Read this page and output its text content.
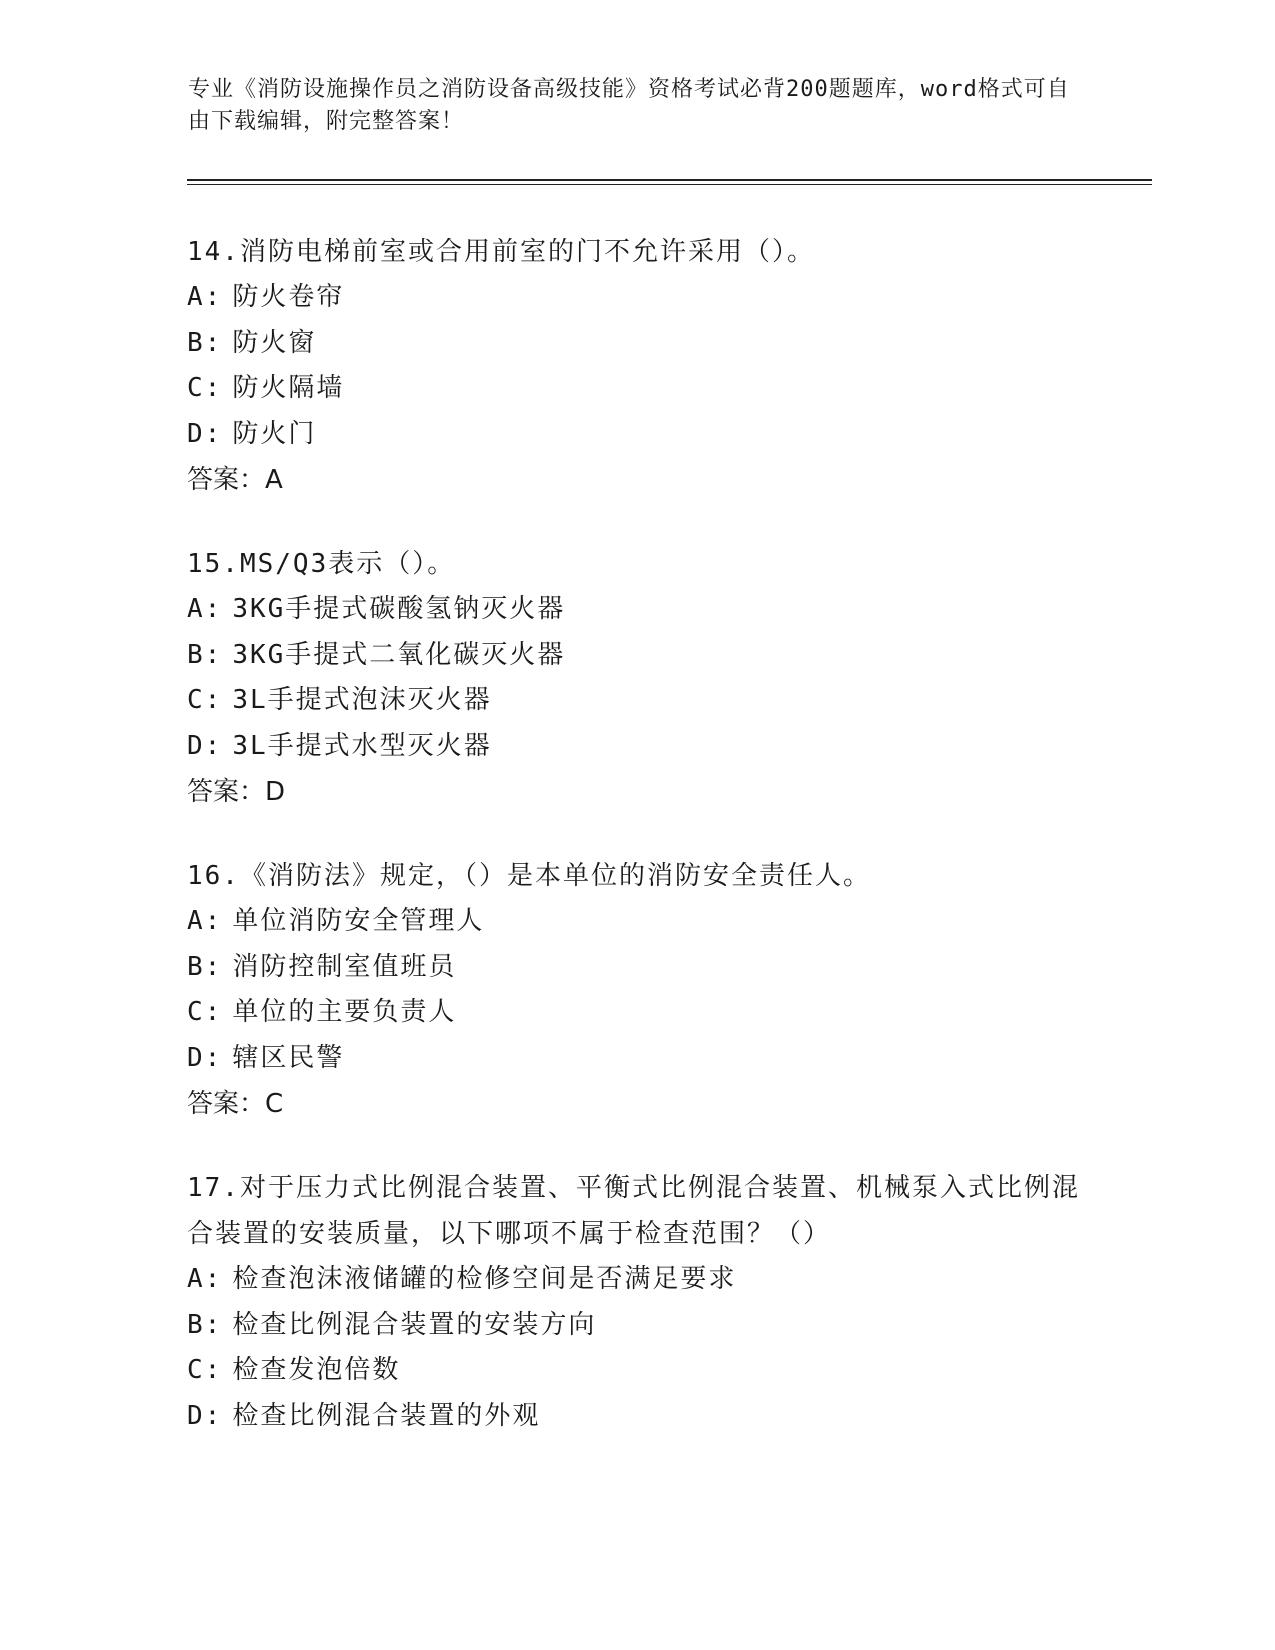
专业《消防设施操作员之消防设备高级技能》资格考试必背200题题库，word格式可自由下载编辑，附完整答案！
14.消防电梯前室或合用前室的门不允许采用（）。
A: 防火卷帘
B: 防火窗
C: 防火隔墙
D: 防火门
答案：A
15.MS/Q3表示（）。
A: 3KG手提式碳酸氢钠灭火器
B: 3KG手提式二氧化碳灭火器
C: 3L手提式泡沫灭火器
D: 3L手提式水型灭火器
答案：D
16.《消防法》规定，（）是本单位的消防安全责任人。
A: 单位消防安全管理人
B: 消防控制室值班员
C: 单位的主要负责人
D: 辖区民警
答案：C
17.对于压力式比例混合装置、平衡式比例混合装置、机械泵入式比例混合装置的安装质量，以下哪项不属于检查范围？（）
A: 检查泡沫液储罐的检修空间是否满足要求
B: 检查比例混合装置的安装方向
C: 检查发泡倍数
D: 检查比例混合装置的外观
